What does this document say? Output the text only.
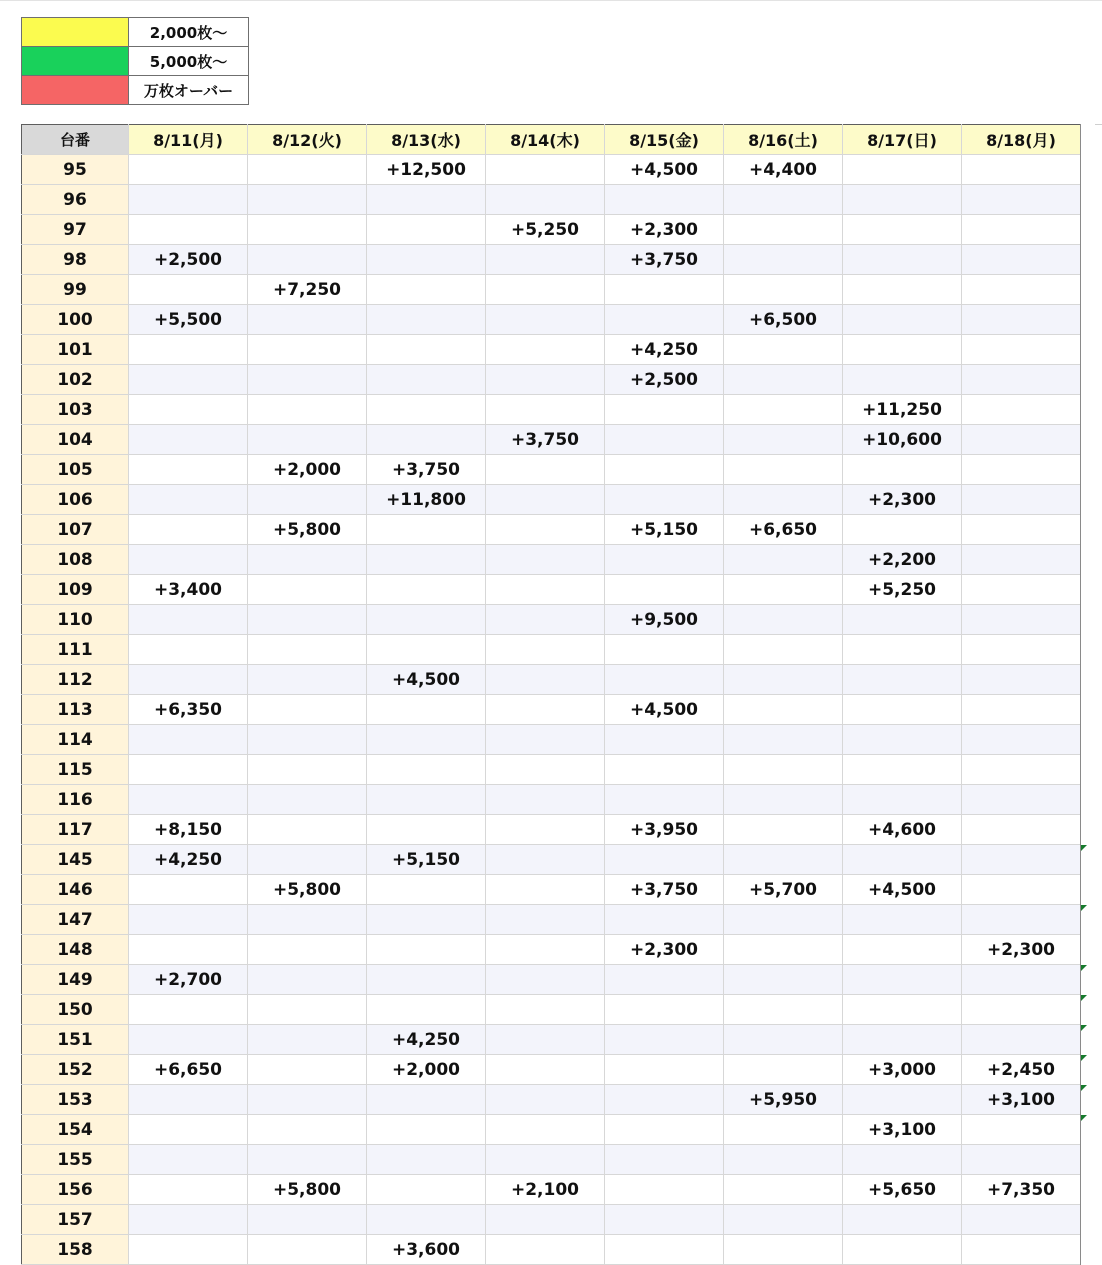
	2,000枚～
	5,000枚～
	万枚オーバー
台番	8/11(月)	8/12(火)	8/13(水)	8/14(木)	8/15(金)	8/16(土)	8/17(日)	8/18(月)
95			+12,500		+4,500	+4,400		
96								
97				+5,250	+2,300			
98	+2,500				+3,750			
99		+7,250						
100	+5,500					+6,500		
101					+4,250			
102					+2,500			
103							+11,250	
104				+3,750			+10,600	
105		+2,000	+3,750					
106			+11,800				+2,300	
107		+5,800			+5,150	+6,650		
108							+2,200	
109	+3,400						+5,250	
110					+9,500			
111								
112			+4,500					
113	+6,350				+4,500			
114								
115								
116								
117	+8,150				+3,950		+4,600	
145	+4,250		+5,150					
146		+5,800			+3,750	+5,700	+4,500	
147								
148					+2,300			+2,300
149	+2,700							
150								
151			+4,250					
152	+6,650		+2,000				+3,000	+2,450
153						+5,950		+3,100
154							+3,100	
155								
156		+5,800		+2,100			+5,650	+7,350
157								
158			+3,600					
